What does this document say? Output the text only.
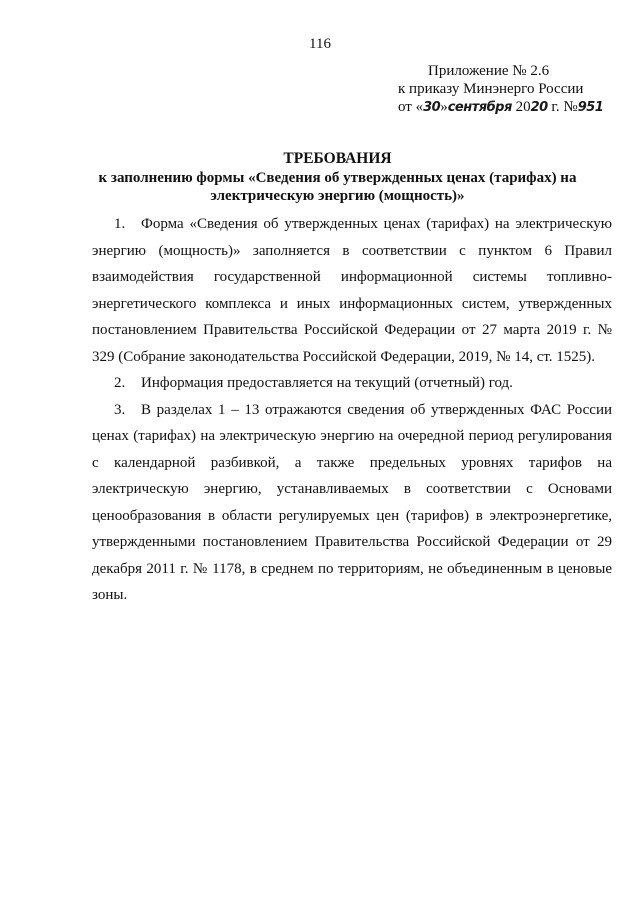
116
Приложение № 2.6
к приказу Минэнерго России
от «30»сентября 2020 г. №951
ТРЕБОВАНИЯ
к заполнению формы «Сведения об утвержденных ценах (тарифах) на электрическую энергию (мощность)»

1. Форма «Сведения об утвержденных ценах (тарифах) на электрическую энергию (мощность)» заполняется в соответствии с пунктом 6 Правил взаимодействия государственной информационной системы топливно-энергетического комплекса и иных информационных систем, утвержденных постановлением Правительства Российской Федерации от 27 марта 2019 г. № 329 (Собрание законодательства Российской Федерации, 2019, № 14, ст. 1525).

2. Информация предоставляется на текущий (отчетный) год.

3. В разделах 1 – 13 отражаются сведения об утвержденных ФАС России ценах (тарифах) на электрическую энергию на очередной период регулирования с календарной разбивкой, а также предельных уровнях тарифов на электрическую энергию, устанавливаемых в соответствии с Основами ценообразования в области регулируемых цен (тарифов) в электроэнергетике, утвержденными постановлением Правительства Российской Федерации от 29 декабря 2011 г. № 1178, в среднем по территориям, не объединенным в ценовые зоны.
